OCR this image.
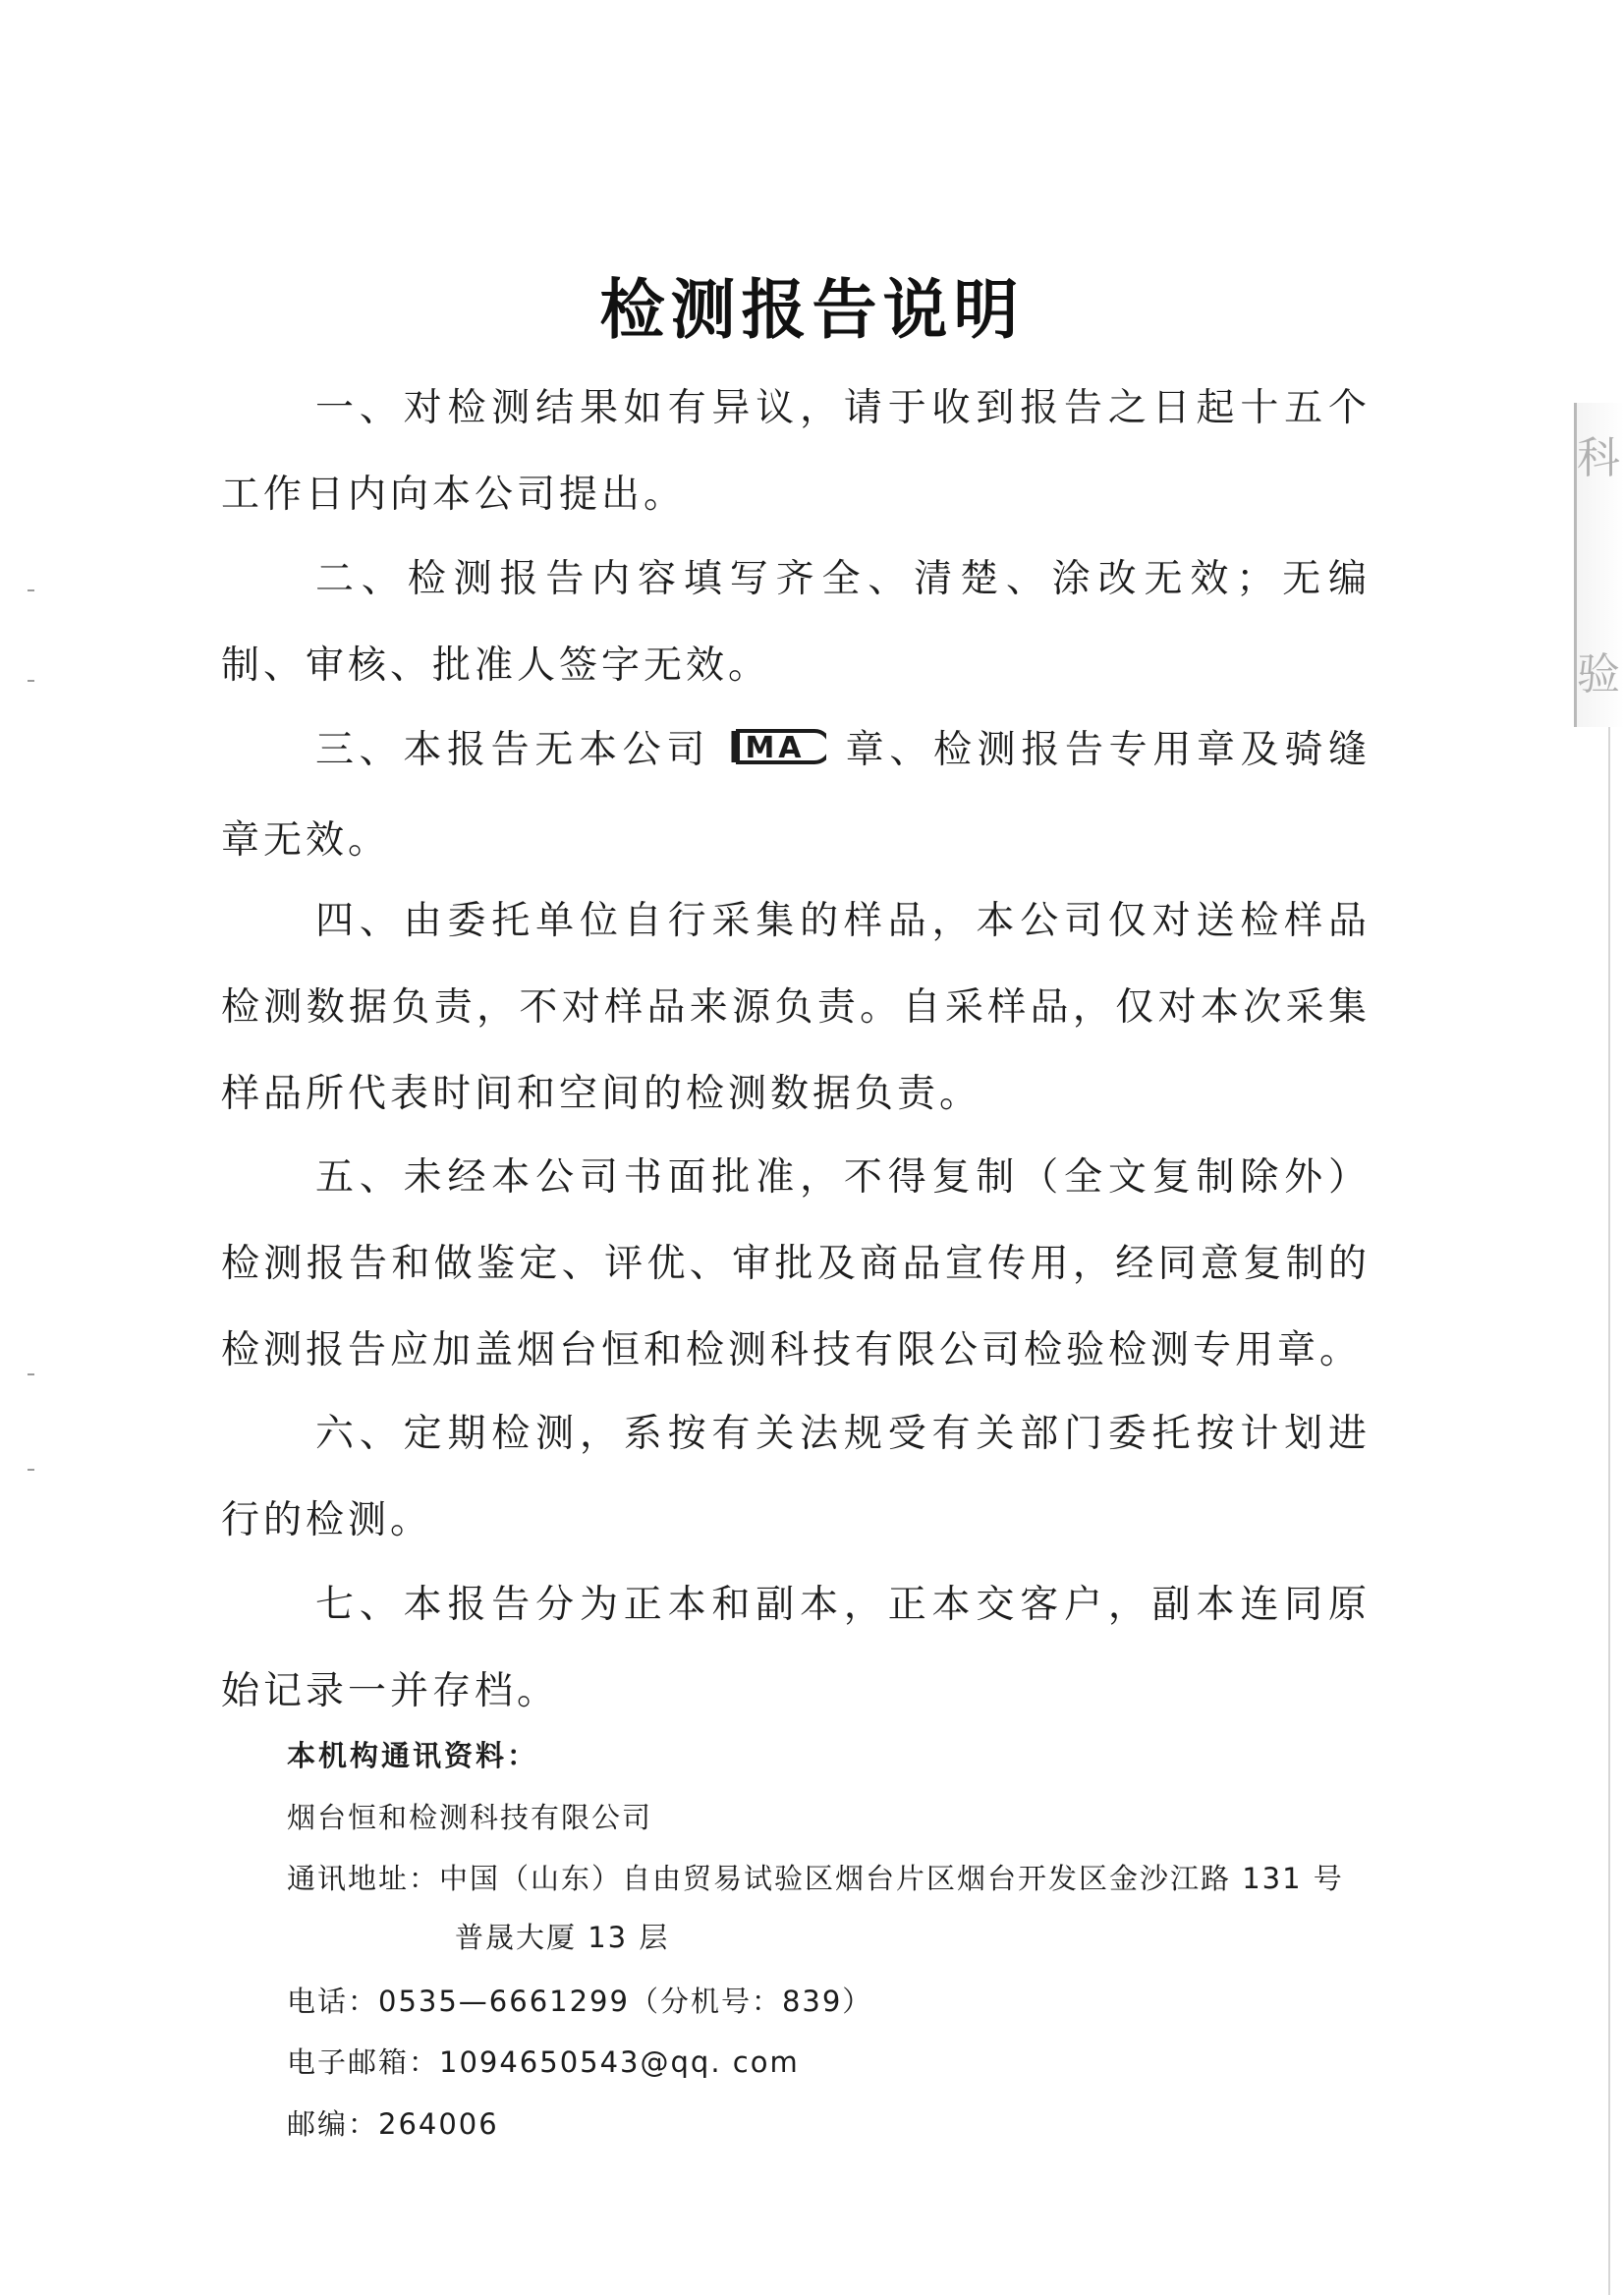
检测报告说明

一、对检测结果如有异议，请于收到报告之日起十五个工作日内向本公司提出。

二、检测报告内容填写齐全、清楚、涂改无效；无编制、审核、批准人签字无效。

三、本报告无本公司 MA 章、检测报告专用章及骑缝章无效。

四、由委托单位自行采集的样品，本公司仅对送检样品检测数据负责，不对样品来源负责。自采样品，仅对本次采集样品所代表时间和空间的检测数据负责。

五、未经本公司书面批准，不得复制（全文复制除外）检测报告和做鉴定、评优、审批及商品宣传用，经同意复制的检测报告应加盖烟台恒和检测科技有限公司检验检测专用章。

六、定期检测，系按有关法规受有关部门委托按计划进行的检测。

七、本报告分为正本和副本，正本交客户，副本连同原始记录一并存档。

本机构通讯资料：
烟台恒和检测科技有限公司
通讯地址：中国（山东）自由贸易试验区烟台片区烟台开发区金沙江路 131 号
普晟大厦 13 层
电话：0535—6661299（分机号：839）
电子邮箱：1094650543@qq. com
邮编：264006
科
验
